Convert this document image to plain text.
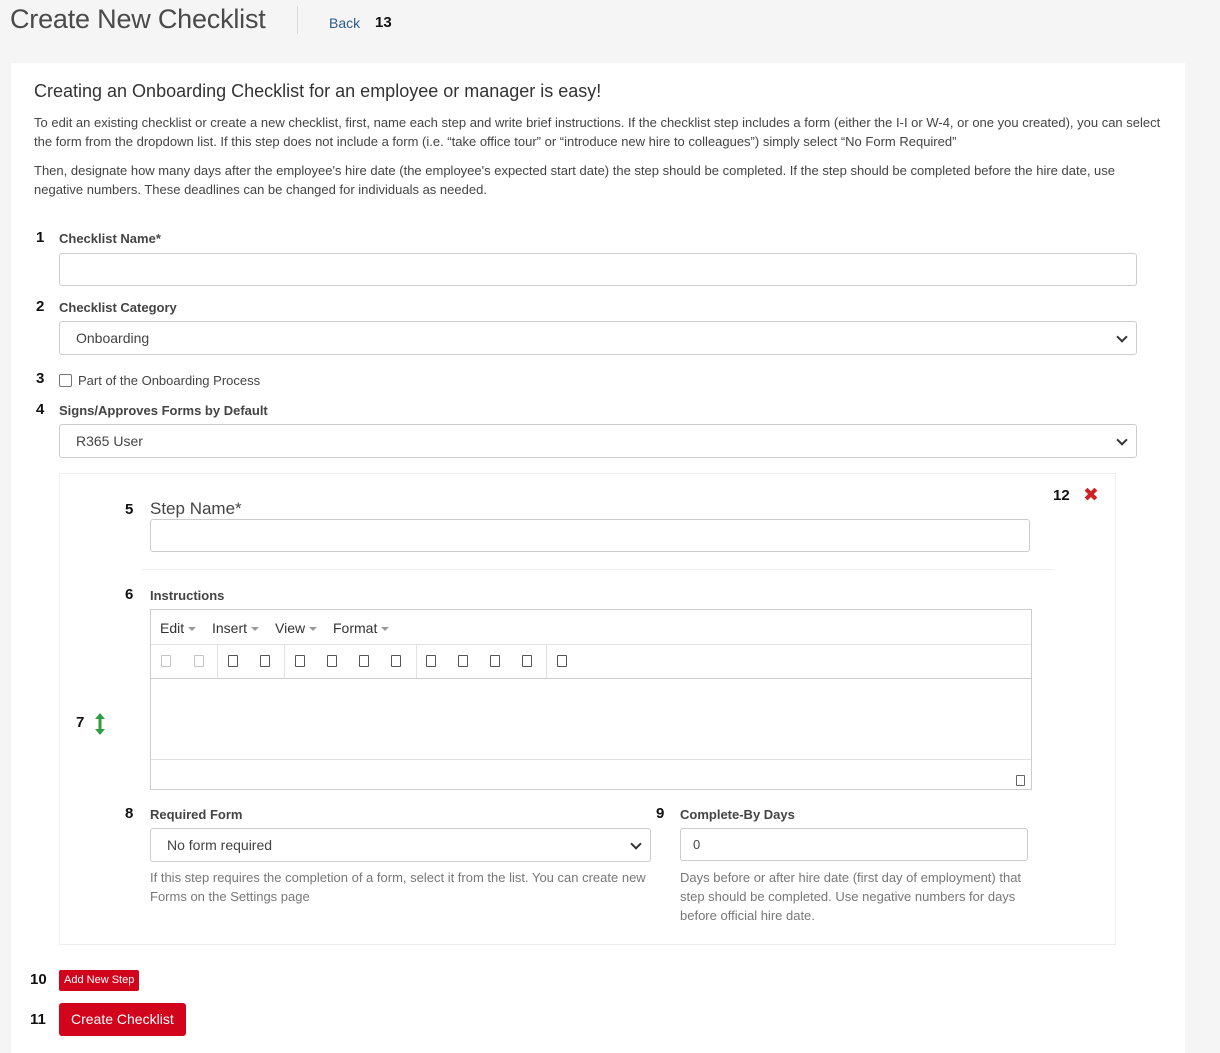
Create New Checklist	Back 13
Creating an Onboarding Checklist for an employee or manager is easy!

To edit an existing checklist or create a new checklist, first, name each step and write brief instructions. If the checklist step includes a form (either the I-I or W-4, or one you created), you can select the form from the dropdown list. If this step does not include a form (i.e. “take office tour” or “introduce new hire to colleagues”) simply select “No Form Required”

Then, designate how many days after the employee's hire date (the employee's expected start date) the step should be completed. If the step should be completed before the hire date, use negative numbers. These deadlines can be changed for individuals as needed.

1 Checklist Name*
2 Checklist Category
Onboarding
3	Part of the Onboarding Process
4 Signs/Approves Forms by Default
R365 User
5 Step Name*
12 ✖
6 Instructions
Edit	Insert	View	Format
7
8 Required Form
No form required

If this step requires the completion of a form, select it from the list. You can create new Forms on the Settings page

9 Complete-By Days
0

Days before or after hire date (first day of employment) that step should be completed. Use negative numbers for days before official hire date.

10	Add New Step
11	Create Checklist
